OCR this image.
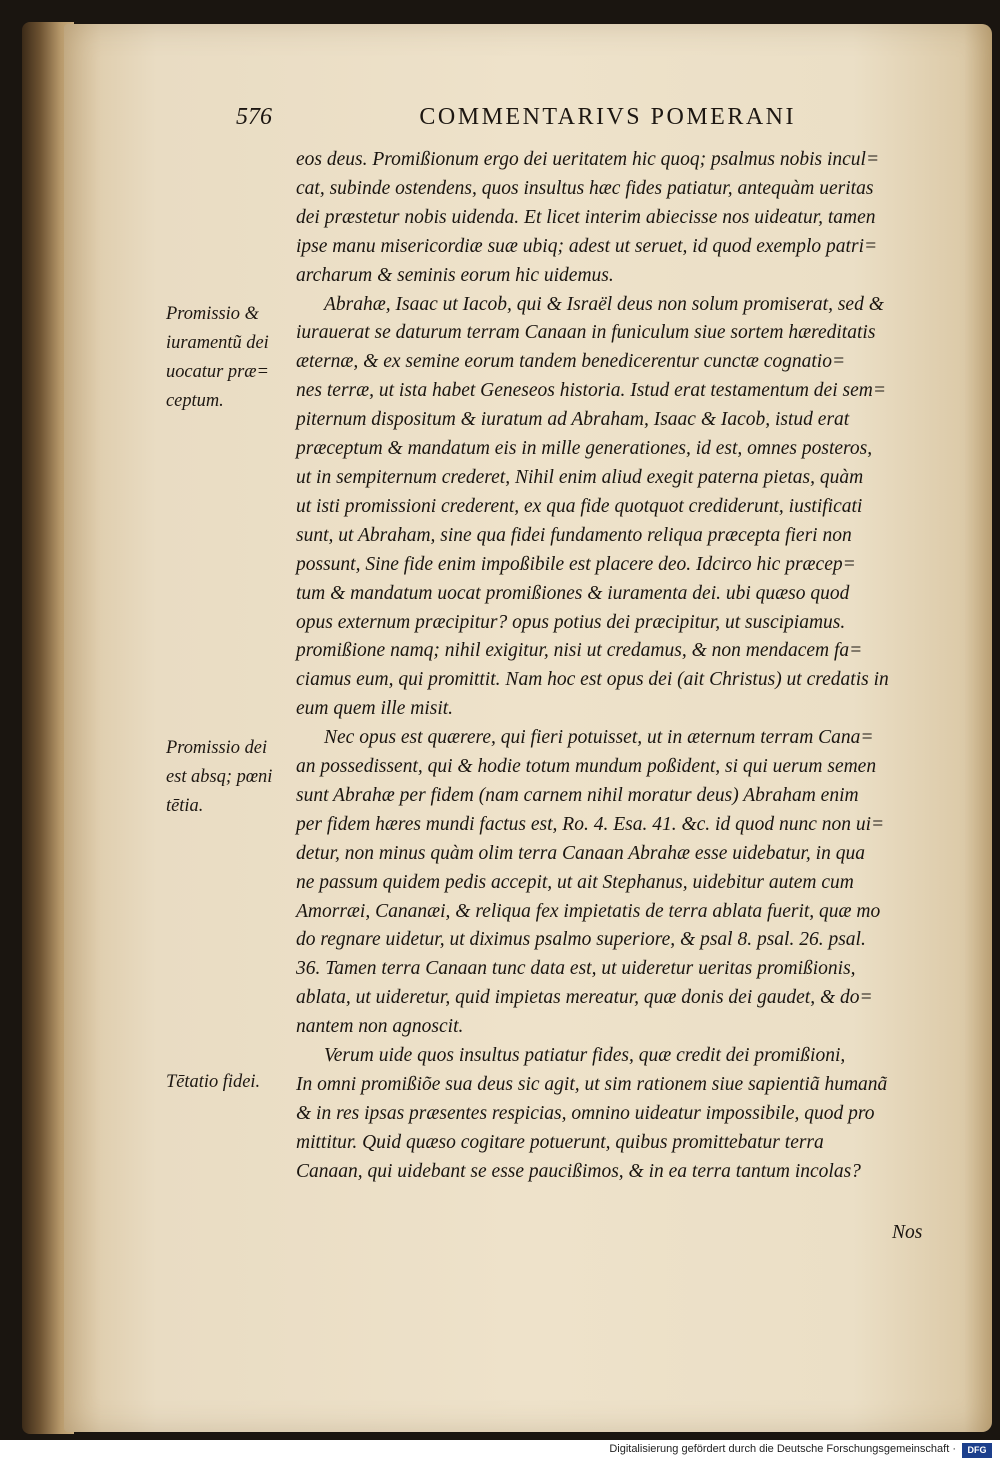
576	COMMENTARIVS POMERANI
Promissio & iuramentũ dei uocatur præ= ceptum.
Promissio dei est absq; pœni tētia.
Tētatio fidei.
eos deus. Promißionum ergo dei ueritatem hic quoq; psalmus nobis incul=
cat, subinde ostendens, quos insultus hæc fides patiatur, antequàm ueritas
dei præstetur nobis uidenda. Et licet interim abiecisse nos uideatur, tamen
ipse manu misericordiæ suæ ubiq; adest ut seruet, id quod exemplo patri=
archarum & seminis eorum hic uidemus.
Abrahæ, Isaac ut Iacob, qui & Israël deus non solum promiserat, sed &
iurauerat se daturum terram Canaan in funiculum siue sortem hæreditatis
æternæ, & ex semine eorum tandem benedicerentur cunctæ cognatio=
nes terræ, ut ista habet Geneseos historia. Istud erat testamentum dei sem=
piternum dispositum & iuratum ad Abraham, Isaac & Iacob, istud erat
præceptum & mandatum eis in mille generationes, id est, omnes posteros,
ut in sempiternum crederet, Nihil enim aliud exegit paterna pietas, quàm
ut isti promissioni crederent, ex qua fide quotquot crediderunt, iustificati
sunt, ut Abraham, sine qua fidei fundamento reliqua præcepta fieri non
possunt, Sine fide enim impoßibile est placere deo. Idcirco hic præcep=
tum & mandatum uocat promißiones & iuramenta dei. ubi quæso quod
opus externum præcipitur? opus potius dei præcipitur, ut suscipiamus.
promißione namq; nihil exigitur, nisi ut credamus, & non mendacem fa=
ciamus eum, qui promittit. Nam hoc est opus dei (ait Christus) ut credatis in
eum quem ille misit.
Nec opus est quærere, qui fieri potuisset, ut in æternum terram Cana=
an possedissent, qui & hodie totum mundum poßident, si qui uerum semen
sunt Abrahæ per fidem (nam carnem nihil moratur deus) Abraham enim
per fidem hæres mundi factus est, Ro. 4. Esa. 41. &c. id quod nunc non ui=
detur, non minus quàm olim terra Canaan Abrahæ esse uidebatur, in qua
ne passum quidem pedis accepit, ut ait Stephanus, uidebitur autem cum
Amorræi, Cananæi, & reliqua fex impietatis de terra ablata fuerit, quæ mo
do regnare uidetur, ut diximus psalmo superiore, & psal 8. psal. 26. psal.
36. Tamen terra Canaan tunc data est, ut uideretur ueritas promißionis,
ablata, ut uideretur, quid impietas mereatur, quæ donis dei gaudet, & do=
nantem non agnoscit.
Verum uide quos insultus patiatur fides, quæ credit dei promißioni,
In omni promißiõe sua deus sic agit, ut sim rationem siue sapientiã humanã
& in res ipsas præsentes respicias, omnino uideatur impossibile, quod pro
mittitur. Quid quæso cogitare potuerunt, quibus promittebatur terra
Canaan, qui uidebant se esse paucißimos, & in ea terra tantum incolas?
Nos
Digitalisierung gefördert durch die Deutsche Forschungsgemeinschaft ·	DFG
